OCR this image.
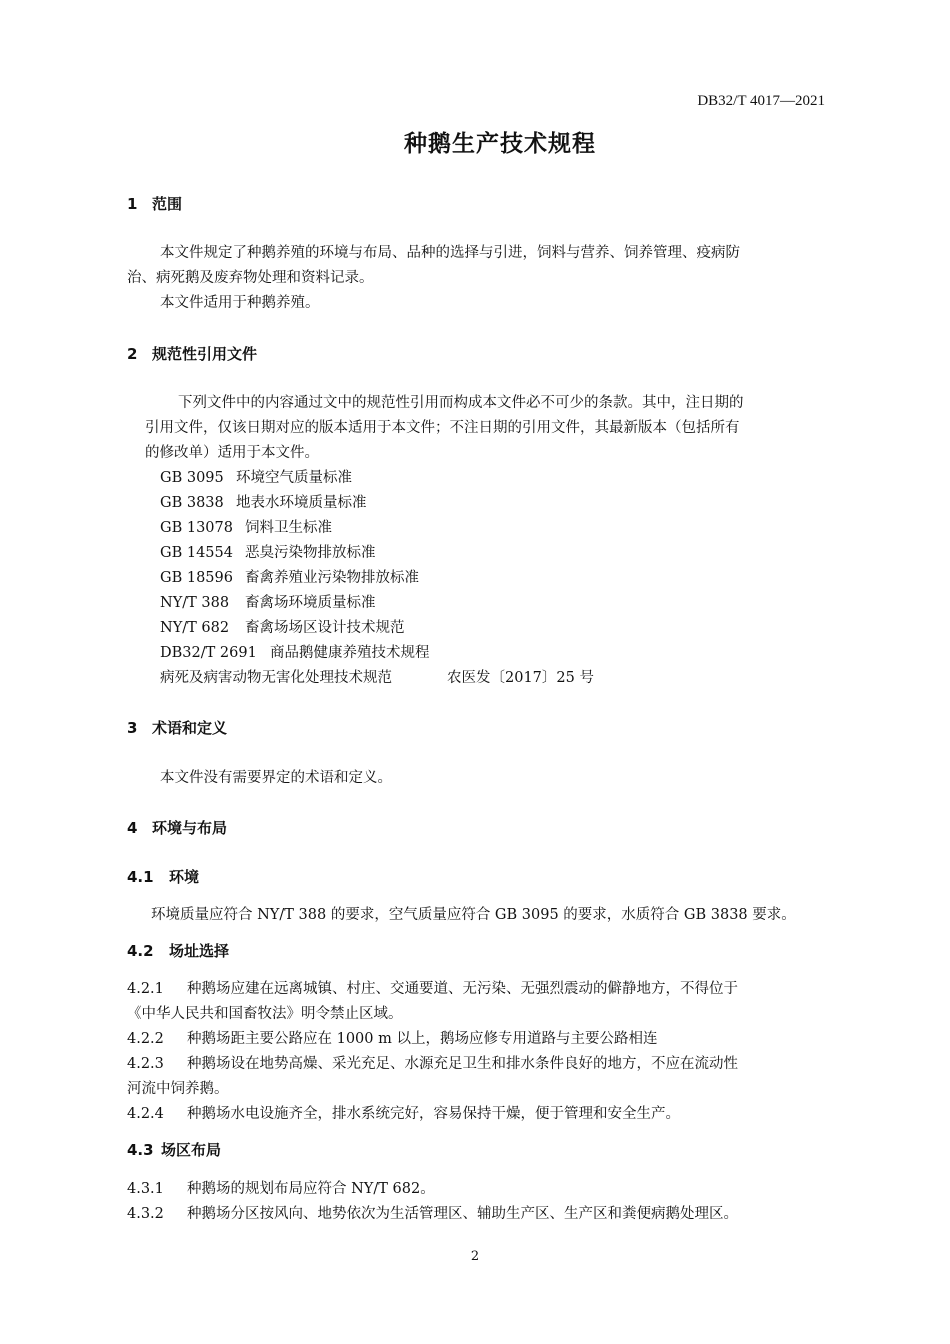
DB32/T 4017—2021
种鹅生产技术规程
1 范围
本文件规定了种鹅养殖的环境与布局、品种的选择与引进，饲料与营养、饲养管理、疫病防
治、病死鹅及废弃物处理和资料记录。
本文件适用于种鹅养殖。
2 规范性引用文件
下列文件中的内容通过文中的规范性引用而构成本文件必不可少的条款。其中，注日期的
引用文件，仅该日期对应的版本适用于本文件；不注日期的引用文件，其最新版本（包括所有
的修改单）适用于本文件。
GB 3095 环境空气质量标准
GB 3838 地表水环境质量标准
GB 13078 饲料卫生标准
GB 14554 恶臭污染物排放标准
GB 18596 畜禽养殖业污染物排放标准
NY/T 388 畜禽场环境质量标准
NY/T 682 畜禽场场区设计技术规范
DB32/T 2691 商品鹅健康养殖技术规程
病死及病害动物无害化处理技术规范	农医发〔2017〕25 号
3 术语和定义
本文件没有需要界定的术语和定义。
4 环境与布局
4.1 环境
环境质量应符合 NY/T 388 的要求，空气质量应符合 GB 3095 的要求，水质符合 GB 3838 要求。
4.2 场址选择
4.2.1 种鹅场应建在远离城镇、村庄、交通要道、无污染、无强烈震动的僻静地方，不得位于
《中华人民共和国畜牧法》明令禁止区域。
4.2.2 种鹅场距主要公路应在 1000 m 以上，鹅场应修专用道路与主要公路相连
4.2.3 种鹅场设在地势高燥、采光充足、水源充足卫生和排水条件良好的地方，不应在流动性
河流中饲养鹅。
4.2.4 种鹅场水电设施齐全，排水系统完好，容易保持干燥，便于管理和安全生产。
4.3 场区布局
4.3.1 种鹅场的规划布局应符合 NY/T 682。
4.3.2 种鹅场分区按风向、地势依次为生活管理区、辅助生产区、生产区和粪便病鹅处理区。
2
